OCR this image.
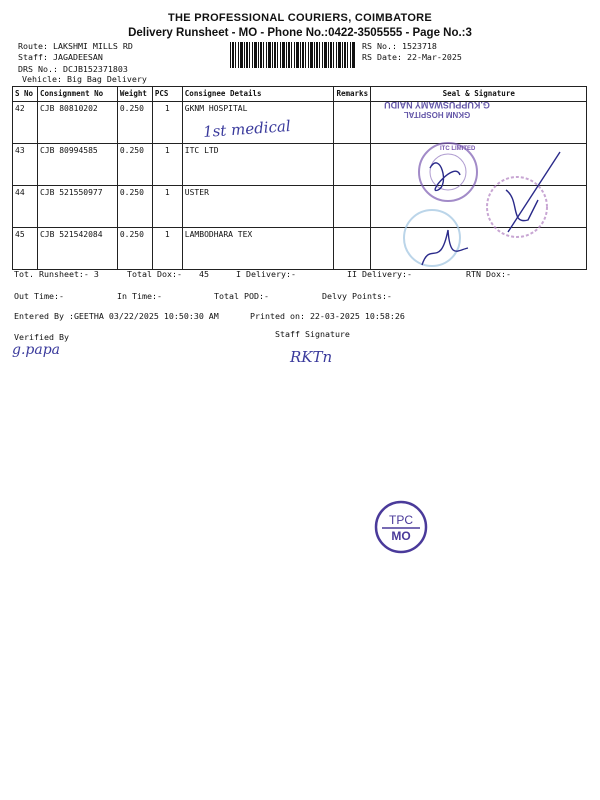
THE PROFESSIONAL COURIERS, COIMBATORE
Delivery Runsheet - MO - Phone No.:0422-3505555 - Page No.:3
Route: LAKSHMI MILLS RD
Staff: JAGADEESAN
DRS No.: DCJB152371803
Vehicle: Big Bag Delivery
RS No.: 1523718
RS Date: 22-Mar-2025
S No	Consignment No	Weight	PCS	Consignee Details	Remarks	Seal & Signature
42	CJB 80810202	0.250	1	GKNM HOSPITAL		
43	CJB 80994585	0.250	1	ITC LTD		
44	CJB 521550977	0.250	1	USTER		
45	CJB 521542084	0.250	1	LAMBODHARA TEX		
1st medical
GKNM HOSPITAL
G.KUPPUSWAMY NAIDU
ITC LIMITED
Tot. Runsheet:- 3	Total Dox:- 45	I Delivery:-	II Delivery:-	RTN Dox:-
Out Time:-	In Time:-	Total POD:-	Delvy Points:-
Entered By :GEETHA 03/22/2025 10:50:30 AM	Printed on: 22-03-2025 10:58:26
Verified By	Staff Signature
g.papa	RKTn
TPC
MO
